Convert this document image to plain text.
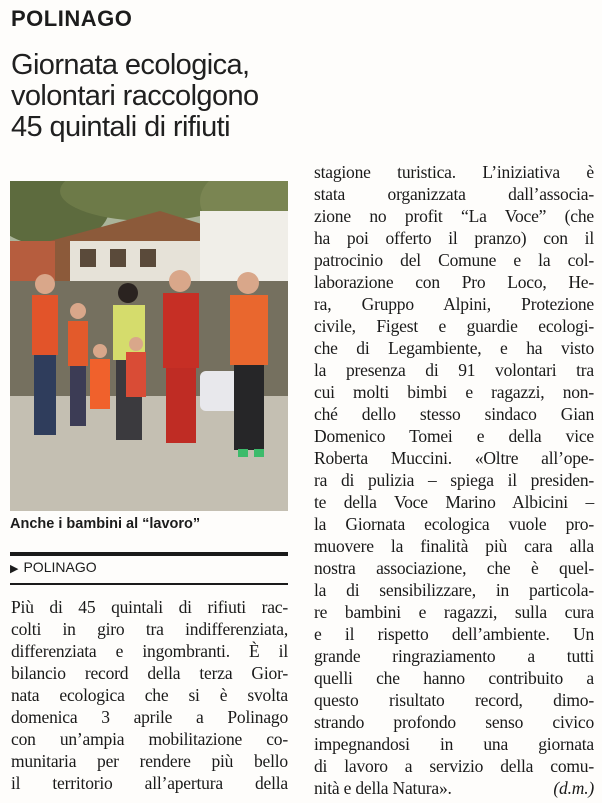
POLINAGO
Giornata ecologica,
volontari raccolgono
45 quintali di rifiuti
Anche i bambini al “lavoro”
▶ POLINAGO
Più di 45 quintali di rifiuti rac-
colti in giro tra indifferenziata,
differenziata e ingombranti. È il
bilancio record della terza Gior-
nata ecologica che si è svolta
domenica 3 aprile a Polinago
con un’ampia mobilitazione co-
munitaria per rendere più bello
il territorio all’apertura della
stagione turistica. L’iniziativa è
stata organizzata dall’associa-
zione no profit “La Voce” (che
ha poi offerto il pranzo) con il
patrocinio del Comune e la col-
laborazione con Pro Loco, He-
ra, Gruppo Alpini, Protezione
civile, Figest e guardie ecologi-
che di Legambiente, e ha visto
la presenza di 91 volontari tra
cui molti bimbi e ragazzi, non-
ché dello stesso sindaco Gian
Domenico Tomei e della vice
Roberta Muccini. «Oltre all’ope-
ra di pulizia – spiega il presiden-
te della Voce Marino Albicini –
la Giornata ecologica vuole pro-
muovere la finalità più cara alla
nostra associazione, che è quel-
la di sensibilizzare, in particola-
re bambini e ragazzi, sulla cura
e il rispetto dell’ambiente. Un
grande ringraziamento a tutti
quelli che hanno contribuito a
questo risultato record, dimo-
strando profondo senso civico
impegnandosi in una giornata
di lavoro a servizio della comu-
nità e della Natura».	(d.m.)
